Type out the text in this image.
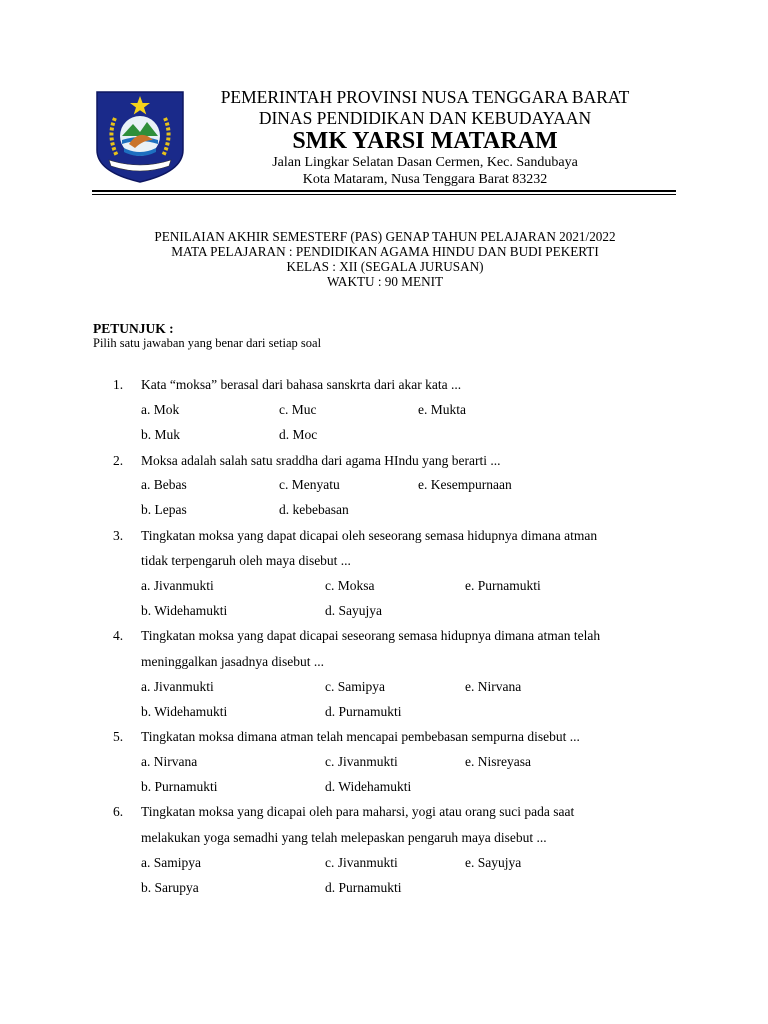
PEMERINTAH PROVINSI NUSA TENGGARA BARAT
DINAS PENDIDIKAN DAN KEBUDAYAAN
SMK YARSI MATARAM
Jalan Lingkar Selatan Dasan Cermen, Kec. Sandubaya
Kota Mataram, Nusa Tenggara Barat 83232
PENILAIAN AKHIR SEMESTERF (PAS) GENAP TAHUN PELAJARAN 2021/2022
MATA PELAJARAN : PENDIDIKAN AGAMA HINDU DAN BUDI PEKERTI
KELAS : XII (SEGALA JURUSAN)
WAKTU : 90 MENIT
PETUNJUK :
Pilih satu jawaban yang benar dari setiap soal
1. Kata “moksa” berasal dari bahasa sanskrta dari akar kata ...
a. Mok	c. Muc	e. Mukta
b. Muk	d. Moc
2. Moksa adalah salah satu sraddha dari agama HIndu yang berarti ...
a. Bebas	c. Menyatu	e. Kesempurnaan
b. Lepas	d. kebebasan
3. Tingkatan moksa yang dapat dicapai oleh seseorang semasa hidupnya dimana atman
tidak terpengaruh oleh maya disebut ...
a. Jivanmukti	c. Moksa	e. Purnamukti
b. Widehamukti	d. Sayujya
4. Tingkatan moksa yang dapat dicapai seseorang semasa hidupnya dimana atman telah
meninggalkan jasadnya disebut ...
a. Jivanmukti	c. Samipya	e. Nirvana
b. Widehamukti	d. Purnamukti
5. Tingkatan moksa dimana atman telah mencapai pembebasan sempurna disebut ...
a. Nirvana	c. Jivanmukti	e. Nisreyasa
b. Purnamukti	d. Widehamukti
6. Tingkatan moksa yang dicapai oleh para maharsi, yogi atau orang suci pada saat
melakukan yoga semadhi yang telah melepaskan pengaruh maya disebut ...
a. Samipya	c. Jivanmukti	e. Sayujya
b. Sarupya	d. Purnamukti
